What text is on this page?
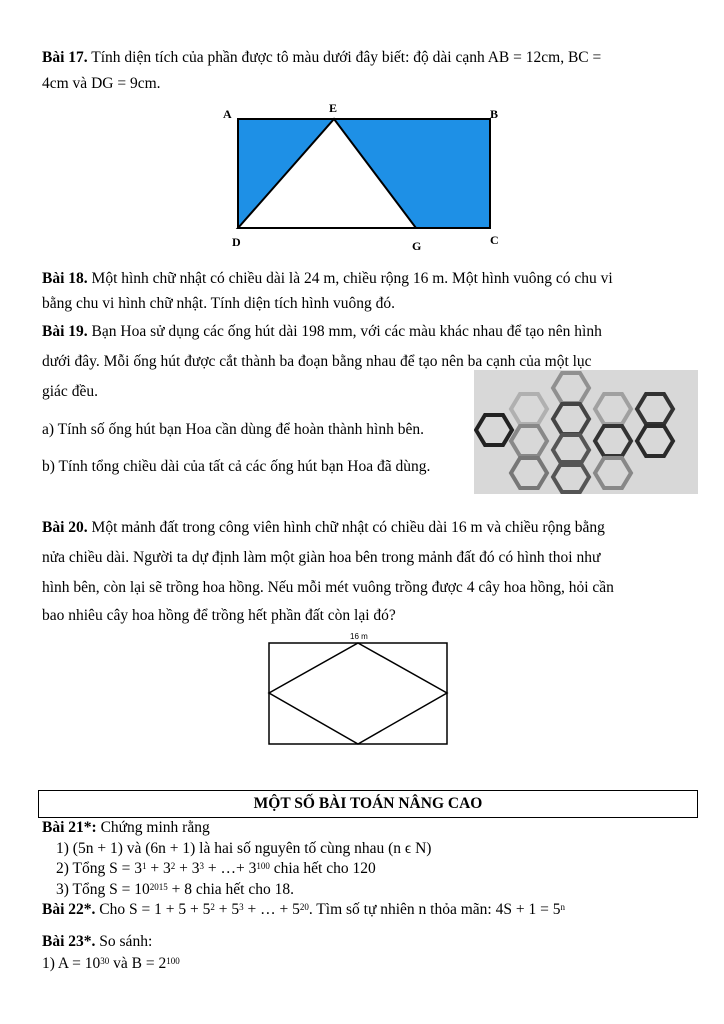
Bài 17. Tính diện tích của phần được tô màu dưới đây biết: độ dài cạnh AB = 12cm, BC =
4cm và DG = 9cm.
A	E	B
D	G	C
Bài 18. Một hình chữ nhật có chiều dài là 24 m, chiều rộng 16 m. Một hình vuông có chu vi
bằng chu vi hình chữ nhật. Tính diện tích hình vuông đó.
Bài 19. Bạn Hoa sử dụng các ống hút dài 198 mm, với các màu khác nhau để tạo nên hình
dưới đây. Mỗi ống hút được cắt thành ba đoạn bằng nhau để tạo nên ba cạnh của một lục
giác đều.
a) Tính số ống hút bạn Hoa cần dùng để hoàn thành hình bên.
b) Tính tổng chiều dài của tất cả các ống hút bạn Hoa đã dùng.
Bài 20. Một mảnh đất trong công viên hình chữ nhật có chiều dài 16 m và chiều rộng bằng
nửa chiều dài. Người ta dự định làm một giàn hoa bên trong mảnh đất đó có hình thoi như
hình bên, còn lại sẽ trồng hoa hồng. Nếu mỗi mét vuông trồng được 4 cây hoa hồng, hỏi cần
bao nhiêu cây hoa hồng để trồng hết phần đất còn lại đó?
16 m
MỘT SỐ BÀI TOÁN NÂNG CAO
Bài 21*: Chứng minh rằng
1) (5n + 1) và (6n + 1) là hai số nguyên tố cùng nhau (n ϵ N)
2) Tổng $S = 3^1 + 3^2 + 3^3$ + …+ $3^{100}$ chia hết cho 120
3) Tổng $S = 10^{2015} + 8$ chia hết cho 18.
Bài 22*. Cho $S = 1 + 5 + 5^2 + 5^3$ + … + $5^{20}$. Tìm số tự nhiên n thỏa mãn: $4S + 1 = 5^n$
Bài 23*. So sánh:
1) $A = 10^{30}$ và $B = 2^{100}$
